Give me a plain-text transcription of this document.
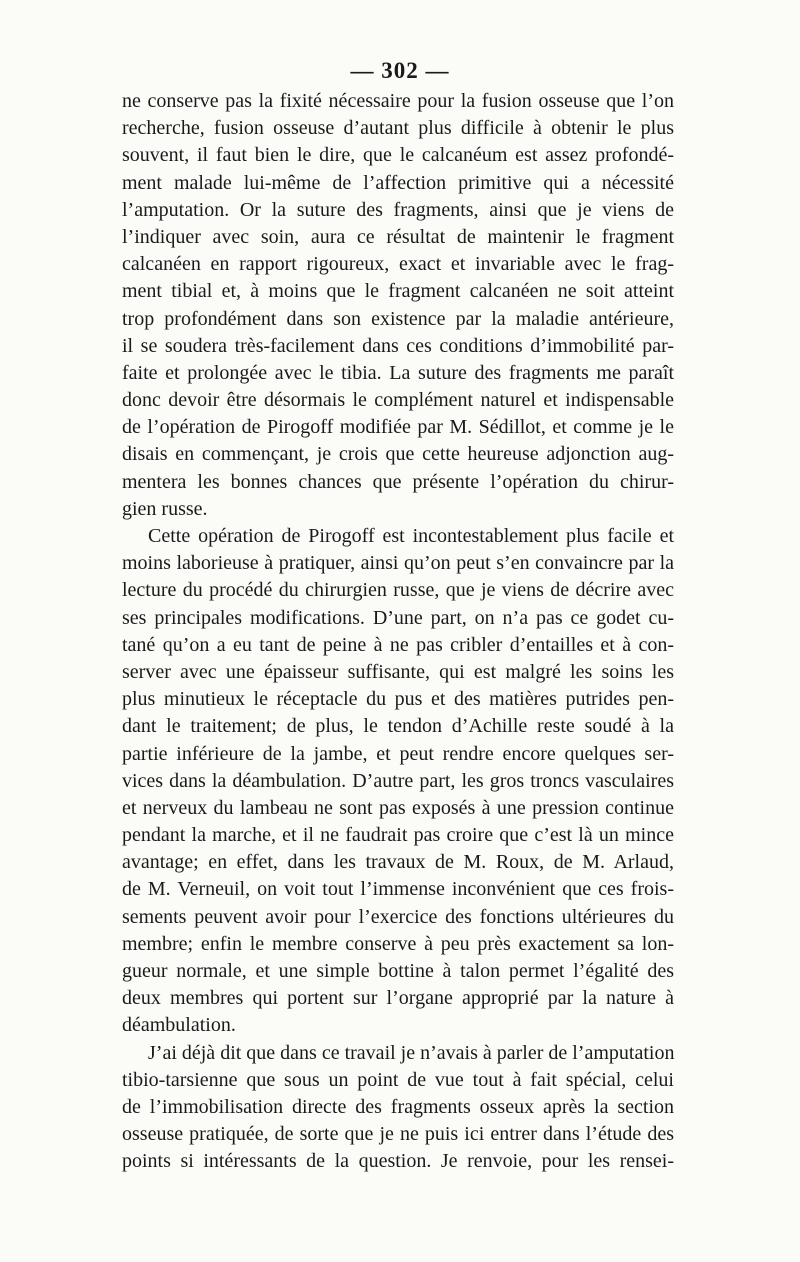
— 302 —
ne conserve pas la fixité nécessaire pour la fusion osseuse que l’on
recherche, fusion osseuse d’autant plus difficile à obtenir le plus
souvent, il faut bien le dire, que le calcanéum est assez profondé-
ment malade lui-même de l’affection primitive qui a nécessité
l’amputation. Or la suture des fragments, ainsi que je viens de
l’indiquer avec soin, aura ce résultat de maintenir le fragment
calcanéen en rapport rigoureux, exact et invariable avec le frag-
ment tibial et, à moins que le fragment calcanéen ne soit atteint
trop profondément dans son existence par la maladie antérieure,
il se soudera très-facilement dans ces conditions d’immobilité par-
faite et prolongée avec le tibia. La suture des fragments me paraît
donc devoir être désormais le complément naturel et indispensable
de l’opération de Pirogoff modifiée par M. Sédillot, et comme je le
disais en commençant, je crois que cette heureuse adjonction aug-
mentera les bonnes chances que présente l’opération du chirur-
gien russe.
Cette opération de Pirogoff est incontestablement plus facile et
moins laborieuse à pratiquer, ainsi qu’on peut s’en convaincre par la
lecture du procédé du chirurgien russe, que je viens de décrire avec
ses principales modifications. D’une part, on n’a pas ce godet cu-
tané qu’on a eu tant de peine à ne pas cribler d’entailles et à con-
server avec une épaisseur suffisante, qui est malgré les soins les
plus minutieux le réceptacle du pus et des matières putrides pen-
dant le traitement; de plus, le tendon d’Achille reste soudé à la
partie inférieure de la jambe, et peut rendre encore quelques ser-
vices dans la déambulation. D’autre part, les gros troncs vasculaires
et nerveux du lambeau ne sont pas exposés à une pression continue
pendant la marche, et il ne faudrait pas croire que c’est là un mince
avantage; en effet, dans les travaux de M. Roux, de M. Arlaud,
de M. Verneuil, on voit tout l’immense inconvénient que ces frois-
sements peuvent avoir pour l’exercice des fonctions ultérieures du
membre; enfin le membre conserve à peu près exactement sa lon-
gueur normale, et une simple bottine à talon permet l’égalité des
deux membres qui portent sur l’organe approprié par la nature à
déambulation.
J’ai déjà dit que dans ce travail je n’avais à parler de l’amputation
tibio-tarsienne que sous un point de vue tout à fait spécial, celui
de l’immobilisation directe des fragments osseux après la section
osseuse pratiquée, de sorte que je ne puis ici entrer dans l’étude des
points si intéressants de la question. Je renvoie, pour les rensei-
